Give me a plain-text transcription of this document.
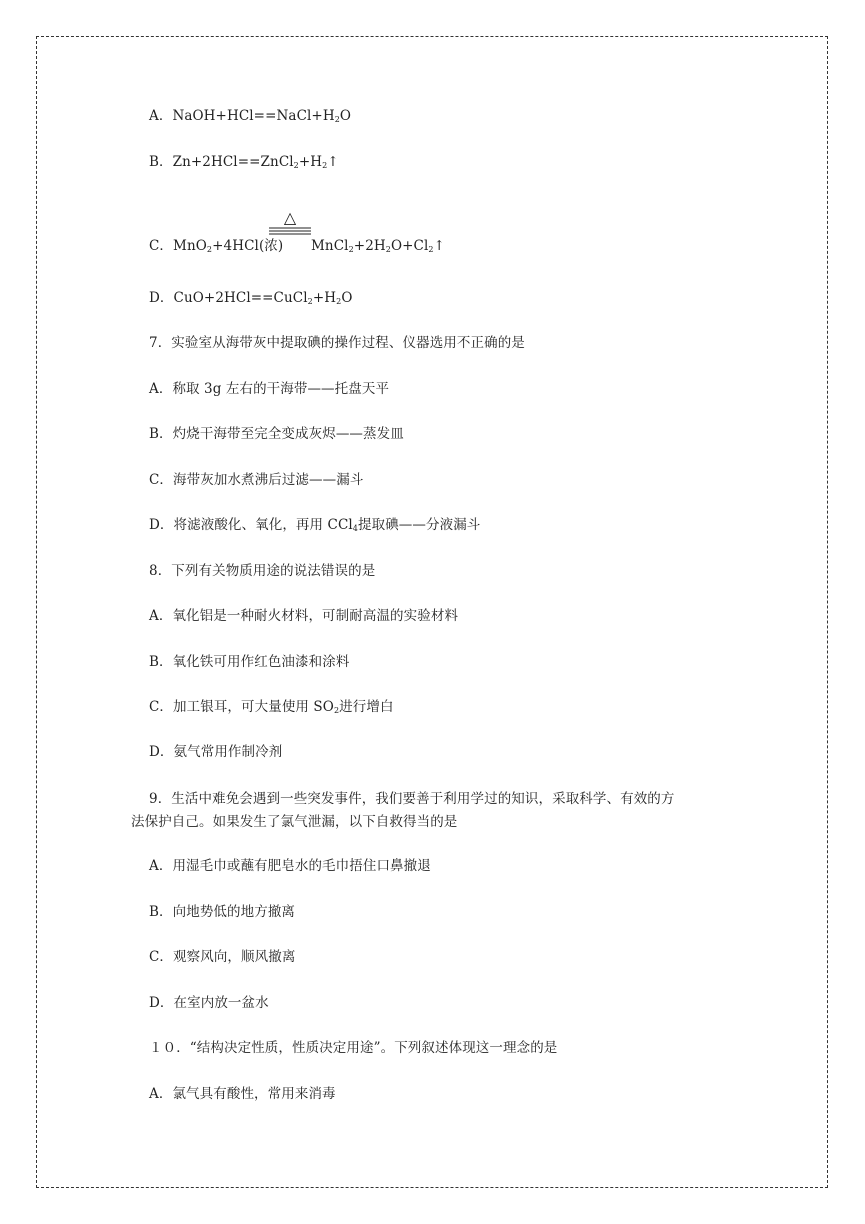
A．$NaOH+HCl==NaCl+H_2O$
B．$Zn+2HCl==ZnCl_2+H_2↑$
△
C．MnO$_2$+4HCl(浓) $MnCl_2+2H_2O+Cl_2↑$
D．$CuO+2HCl==CuCl_2+H_2O$
7．实验室从海带灰中提取碘的操作过程、仪器选用不正确的是
A．称取 3g 左右的干海带——托盘天平
B．灼烧干海带至完全变成灰烬——蒸发皿
C．海带灰加水煮沸后过滤——漏斗
D．将滤液酸化、氧化，再用 CCl$_4$提取碘——分液漏斗
8．下列有关物质用途的说法错误的是
A．氧化铝是一种耐火材料，可制耐高温的实验材料
B．氧化铁可用作红色油漆和涂料
C．加工银耳，可大量使用 $SO_2$进行增白
D．氨气常用作制冷剂
9．生活中难免会遇到一些突发事件，我们要善于利用学过的知识，采取科学、有效的方
法保护自己。如果发生了氯气泄漏，以下自救得当的是
A．用湿毛巾或蘸有肥皂水的毛巾捂住口鼻撤退
B．向地势低的地方撤离
C．观察风向，顺风撤离
D．在室内放一盆水
１０．“结构决定性质，性质决定用途”。下列叙述体现这一理念的是
A．氯气具有酸性，常用来消毒
